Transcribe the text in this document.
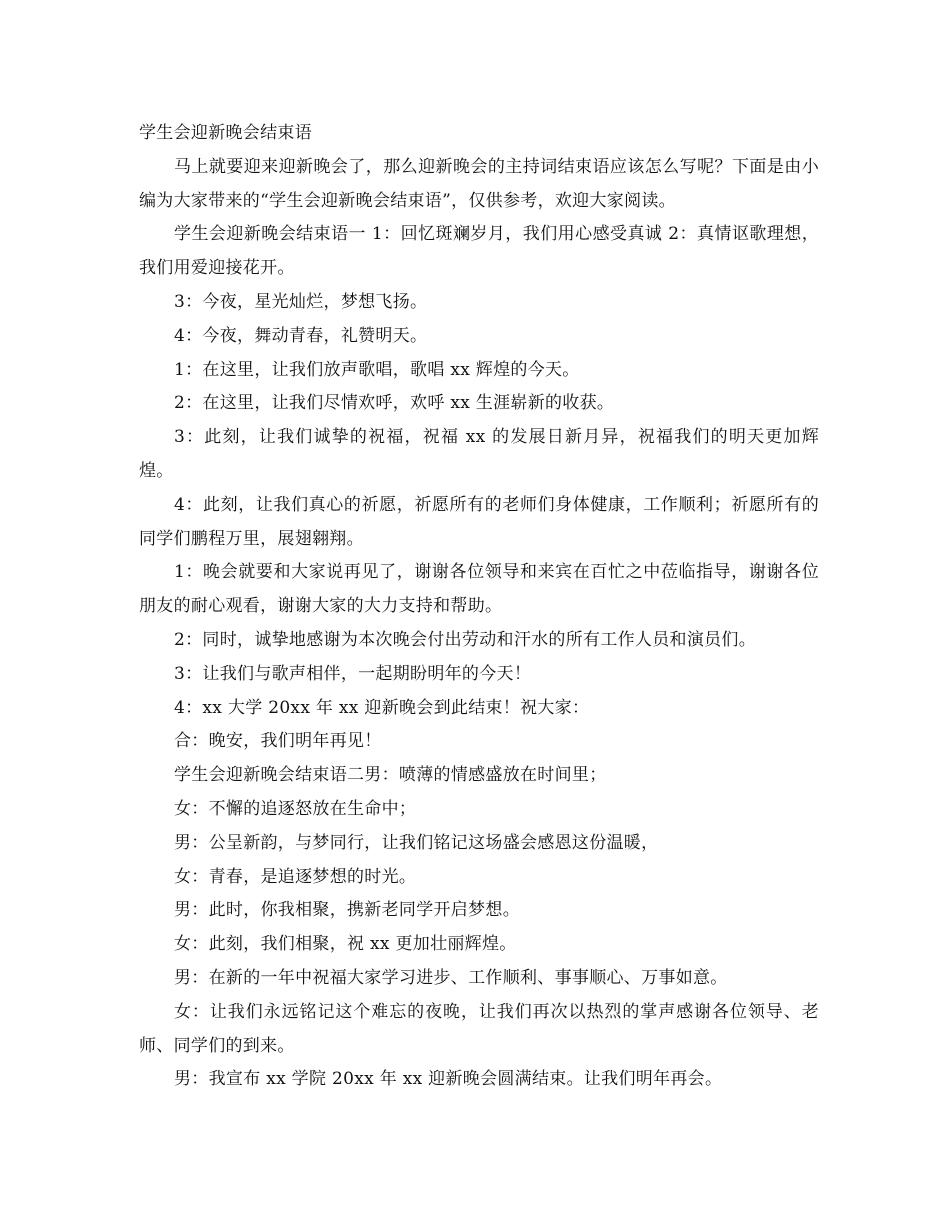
学生会迎新晚会结束语

马上就要迎来迎新晚会了，那么迎新晚会的主持词结束语应该怎么写呢？下面是由小编为大家带来的“学生会迎新晚会结束语”，仅供参考，欢迎大家阅读。

学生会迎新晚会结束语一 1：回忆斑斓岁月，我们用心感受真诚 2：真情讴歌理想，我们用爱迎接花开。

3：今夜，星光灿烂，梦想飞扬。

4：今夜，舞动青春，礼赞明天。

1：在这里，让我们放声歌唱，歌唱 xx 辉煌的今天。

2：在这里，让我们尽情欢呼，欢呼 xx 生涯崭新的收获。

3：此刻，让我们诚挚的祝福，祝福 xx 的发展日新月异，祝福我们的明天更加辉煌。

4：此刻，让我们真心的祈愿，祈愿所有的老师们身体健康，工作顺利；祈愿所有的同学们鹏程万里，展翅翱翔。

1：晚会就要和大家说再见了，谢谢各位领导和来宾在百忙之中莅临指导，谢谢各位朋友的耐心观看，谢谢大家的大力支持和帮助。

2：同时，诚挚地感谢为本次晚会付出劳动和汗水的所有工作人员和演员们。

3：让我们与歌声相伴，一起期盼明年的今天！

4：xx 大学 20xx 年 xx 迎新晚会到此结束！祝大家：

合：晚安，我们明年再见！

学生会迎新晚会结束语二男：喷薄的情感盛放在时间里；

女：不懈的追逐怒放在生命中；

男：公呈新韵，与梦同行，让我们铭记这场盛会感恩这份温暖，

女：青春，是追逐梦想的时光。

男：此时，你我相聚，携新老同学开启梦想。

女：此刻，我们相聚，祝 xx 更加壮丽辉煌。

男：在新的一年中祝福大家学习进步、工作顺利、事事顺心、万事如意。

女：让我们永远铭记这个难忘的夜晚，让我们再次以热烈的掌声感谢各位领导、老师、同学们的到来。

男：我宣布 xx 学院 20xx 年 xx 迎新晚会圆满结束。让我们明年再会。
